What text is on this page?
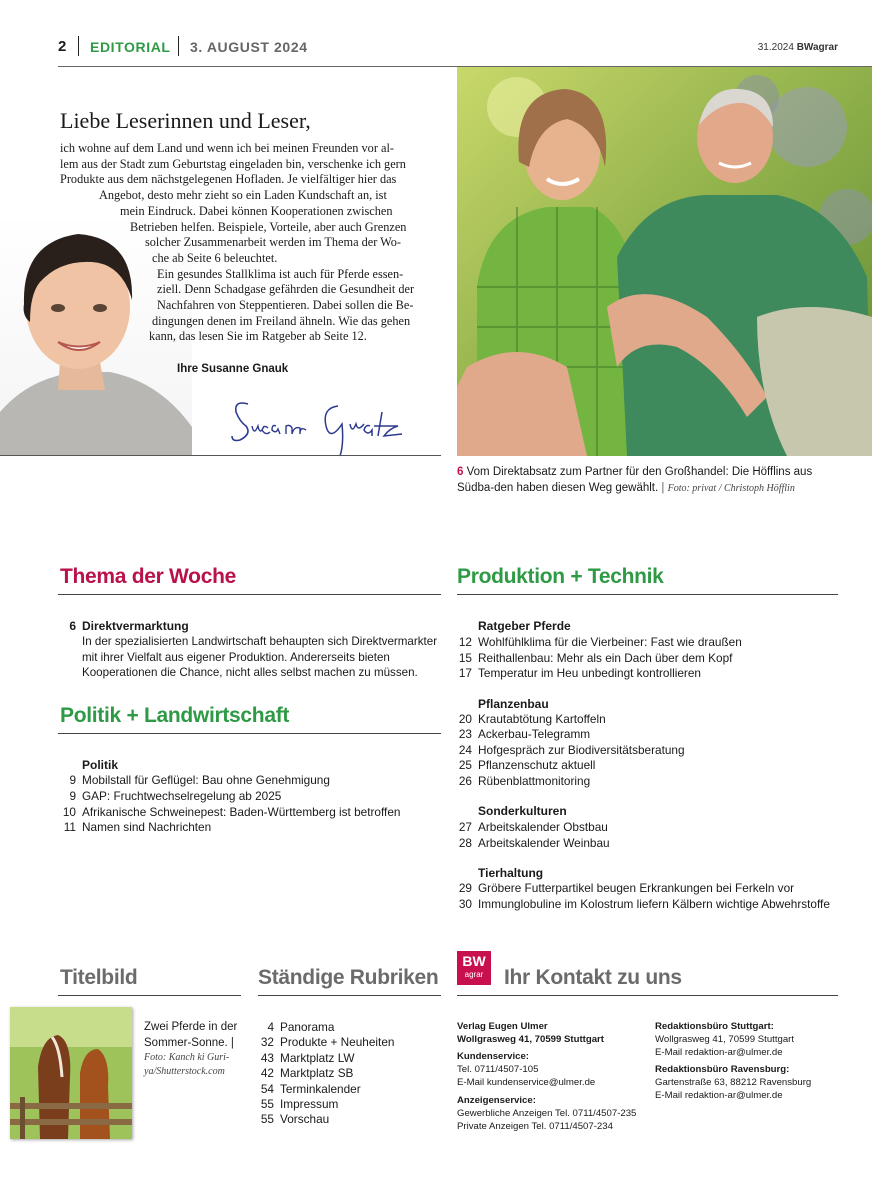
2 EDITORIAL 3. AUGUST 2024	31.2024 BWagrar
Liebe Leserinnen und Leser,
ich wohne auf dem Land und wenn ich bei meinen Freunden vor al-
lem aus der Stadt zum Geburtstag eingeladen bin, verschenke ich gern
Produkte aus dem nächstgelegenen Hofladen. Je vielfältiger hier das
Angebot, desto mehr zieht so ein Laden Kundschaft an, ist
mein Eindruck. Dabei können Kooperationen zwischen
Betrieben helfen. Beispiele, Vorteile, aber auch Grenzen
solcher Zusammenarbeit werden im Thema der Wo-
che ab Seite 6 beleuchtet.
Ein gesundes Stallklima ist auch für Pferde essen-
ziell. Denn Schadgase gefährden die Gesundheit der
Nachfahren von Steppentieren. Dabei sollen die Be-
dingungen denen im Freiland ähneln. Wie das gehen
kann, das lesen Sie im Ratgeber ab Seite 12.
Ihre Susanne Gnauk
6 Vom Direktabsatz zum Partner für den Großhandel: Die Höfflins aus Südba-den haben diesen Weg gewählt. | Foto: privat / Christoph Höfflin
Thema der Woche
6 Direktvermarktung
In der spezialisierten Landwirtschaft behaupten sich Direktvermarkter mit ihrer Vielfalt aus eigener Produktion. Andererseits bieten Kooperationen die Chance, nicht alles selbst machen zu müssen.
Politik + Landwirtschaft
Politik
9 Mobilstall für Geflügel: Bau ohne Genehmigung
9 GAP: Fruchtwechselregelung ab 2025
10 Afrikanische Schweinepest: Baden-Württemberg ist betroffen
11 Namen sind Nachrichten
Produktion + Technik
Ratgeber Pferde
12 Wohlfühlklima für die Vierbeiner: Fast wie draußen
15 Reithallenbau: Mehr als ein Dach über dem Kopf
17 Temperatur im Heu unbedingt kontrollieren
Pflanzenbau
20 Krautabtötung Kartoffeln
23 Ackerbau-Telegramm
24 Hofgespräch zur Biodiversitätsberatung
25 Pflanzenschutz aktuell
26 Rübenblattmonitoring
Sonderkulturen
27 Arbeitskalender Obstbau
28 Arbeitskalender Weinbau
Tierhaltung
29 Gröbere Futterpartikel beugen Erkrankungen bei Ferkeln vor
30 Immunglobuline im Kolostrum liefern Kälbern wichtige Abwehrstoffe
Titelbild
Zwei Pferde in der Sommer-Sonne. |
Foto: Kanch ki Guri-ya/Shutterstock.com
Ständige Rubriken
4 Panorama
32 Produkte + Neuheiten
43 Marktplatz LW
42 Marktplatz SB
54 Terminkalender
55 Impressum
55 Vorschau
BW
agrar Ihr Kontakt zu uns
Verlag Eugen Ulmer
Wollgrasweg 41, 70599 Stuttgart
Kundenservice:
Tel. 0711/4507-105
E-Mail kundenservice@ulmer.de
Anzeigenservice:
Gewerbliche Anzeigen Tel. 0711/4507-235
Private Anzeigen Tel. 0711/4507-234
Redaktionsbüro Stuttgart:
Wollgrasweg 41, 70599 Stuttgart
E-Mail redaktion-ar@ulmer.de
Redaktionsbüro Ravensburg:
Gartenstraße 63, 88212 Ravensburg
E-Mail redaktion-ar@ulmer.de
